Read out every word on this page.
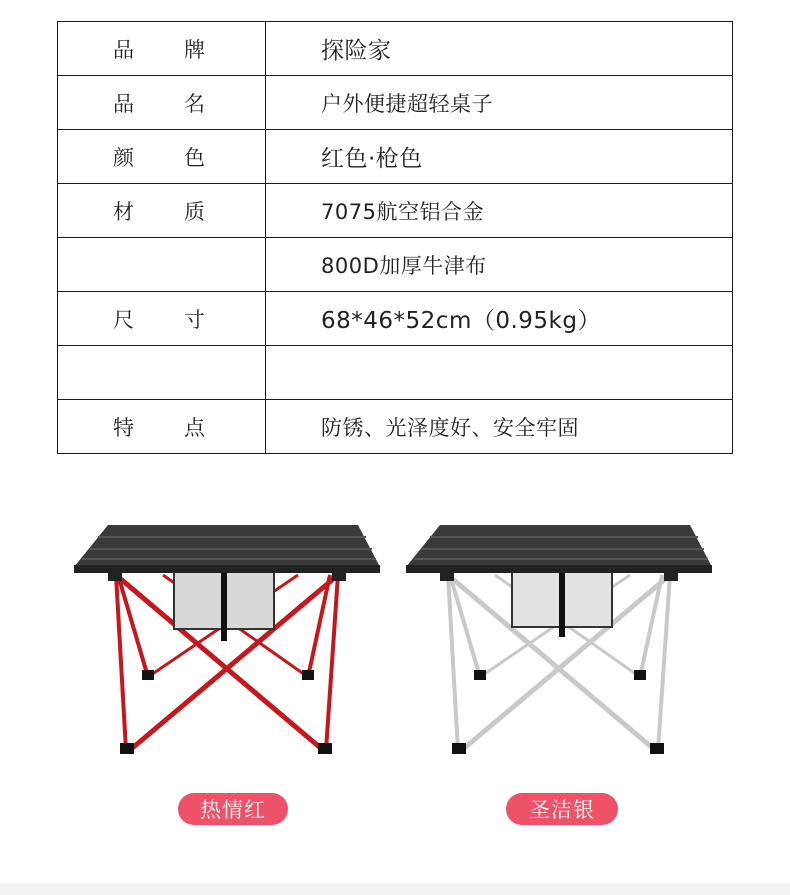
品 牌	探险家

品 名	户外便捷超轻桌子

颜 色	红色·枪色

材 质	7075航空铝合金

	800D加厚牛津布

尺 寸	68*46*52cm（0.95kg）

特 点	防锈、光泽度好、安全牢固
热情红	圣洁银
